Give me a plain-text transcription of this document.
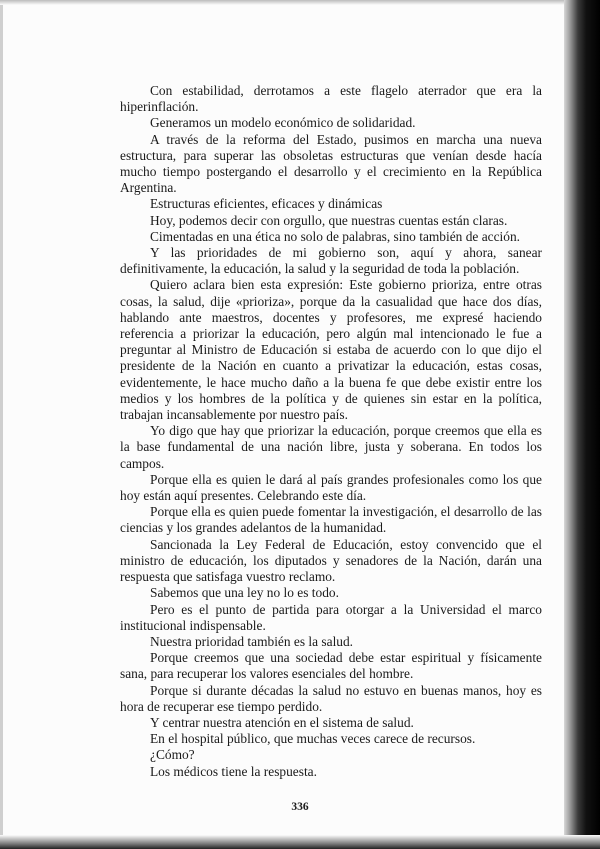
Con estabilidad, derrotamos a este flagelo aterrador que era la hiperinflación.

Generamos un modelo económico de solidaridad.

A través de la reforma del Estado, pusimos en marcha una nueva estructura, para superar las obsoletas estructuras que venían desde hacía mucho tiempo postergando el desarrollo y el crecimiento en la República Argentina.

Estructuras eficientes, eficaces y dinámicas

Hoy, podemos decir con orgullo, que nuestras cuentas están claras.

Cimentadas en una ética no solo de palabras, sino también de acción.

Y las prioridades de mi gobierno son, aquí y ahora, sanear definitivamente, la educación, la salud y la seguridad de toda la población.

Quiero aclara bien esta expresión: Este gobierno prioriza, entre otras cosas, la salud, dije «prioriza», porque da la casualidad que hace dos días, hablando ante maestros, docentes y profesores, me expresé haciendo referencia a priorizar la educación, pero algún mal intencionado le fue a preguntar al Ministro de Educación si estaba de acuerdo con lo que dijo el presidente de la Nación en cuanto a privatizar la educación, estas cosas, evidentemente, le hace mucho daño a la buena fe que debe existir entre los medios y los hombres de la política y de quienes sin estar en la política, trabajan incansablemente por nuestro país.

Yo digo que hay que priorizar la educación, porque creemos que ella es la base fundamental de una nación libre, justa y soberana. En todos los campos.

Porque ella es quien le dará al país grandes profesionales como los que hoy están aquí presentes. Celebrando este día.

Porque ella es quien puede fomentar la investigación, el desarrollo de las ciencias y los grandes adelantos de la humanidad.

Sancionada la Ley Federal de Educación, estoy convencido que el ministro de educación, los diputados y senadores de la Nación, darán una respuesta que satisfaga vuestro reclamo.

Sabemos que una ley no lo es todo.

Pero es el punto de partida para otorgar a la Universidad el marco institucional indispensable.

Nuestra prioridad también es la salud.

Porque creemos que una sociedad debe estar espiritual y físicamente sana, para recuperar los valores esenciales del hombre.

Porque si durante décadas la salud no estuvo en buenas manos, hoy es hora de recuperar ese tiempo perdido.

Y centrar nuestra atención en el sistema de salud.

En el hospital público, que muchas veces carece de recursos.

¿Cómo?

Los médicos tiene la respuesta.

336
